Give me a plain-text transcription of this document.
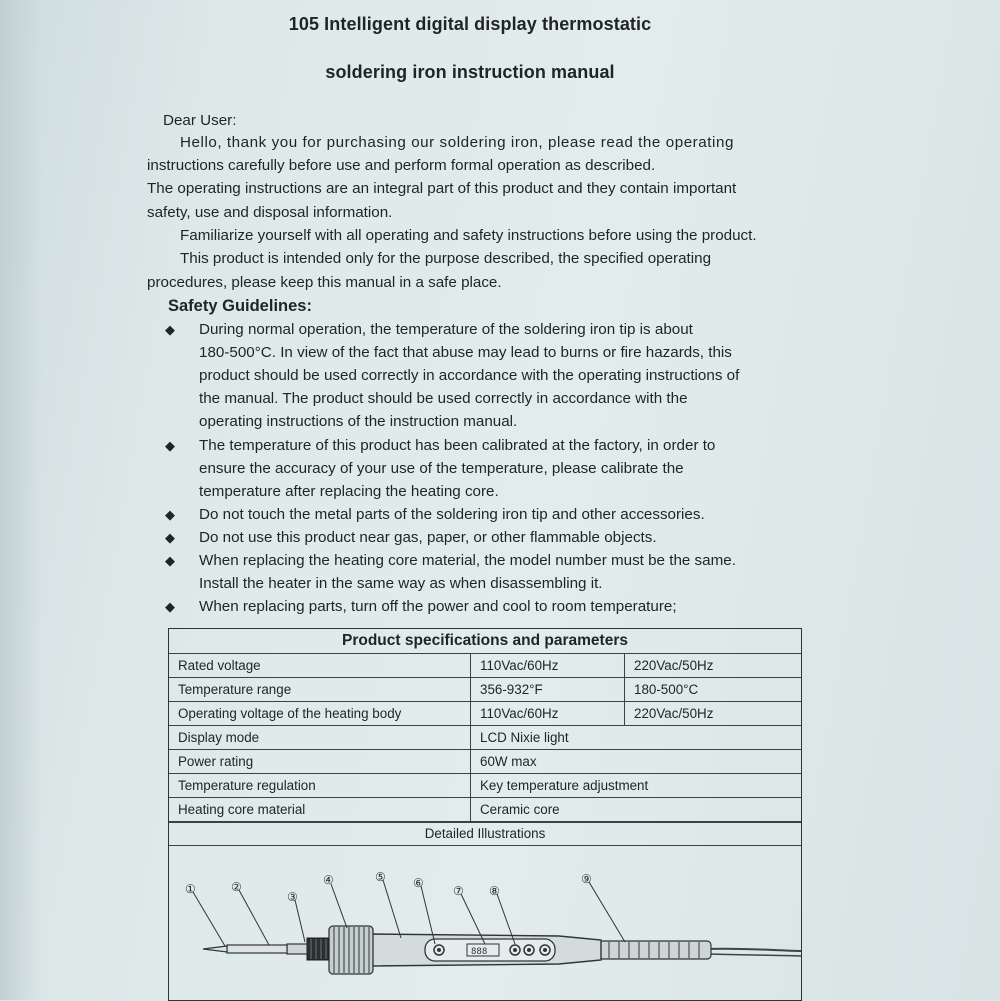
105 Intelligent digital display thermostatic
soldering iron instruction manual
Dear User:
Hello, thank you for purchasing our soldering iron, please read the operating
instructions carefully before use and perform formal operation as described.
The operating instructions are an integral part of this product and they contain important
safety, use and disposal information.
Familiarize yourself with all operating and safety instructions before using the product.
This product is intended only for the purpose described, the specified operating
procedures, please keep this manual in a safe place.
Safety Guidelines:
◆
◆
◆
◆
◆
◆
During normal operation, the temperature of the soldering iron tip is about
180-500°C. In view of the fact that abuse may lead to burns or fire hazards, this
product should be used correctly in accordance with the operating instructions of
the manual. The product should be used correctly in accordance with the
operating instructions of the instruction manual.
The temperature of this product has been calibrated at the factory, in order to
ensure the accuracy of your use of the temperature, please calibrate the
temperature after replacing the heating core.
Do not touch the metal parts of the soldering iron tip and other accessories.
Do not use this product near gas, paper, or other flammable objects.
When replacing the heating core material, the model number must be the same.
Install the heater in the same way as when disassembling it.
When replacing parts, turn off the power and cool to room temperature;
Product specifications and parameters
Rated voltage	110Vac/60Hz	220Vac/50Hz
Temperature range	356-932°F	180-500°C
Operating voltage of the heating body	110Vac/60Hz	220Vac/50Hz
Display mode	LCD Nixie light
Power rating	60W max
Temperature regulation	Key temperature adjustment
Heating core material	Ceramic core
Detailed Illustrations
888
①	②
③
④	⑤ ⑥
⑦ ⑧
⑨
